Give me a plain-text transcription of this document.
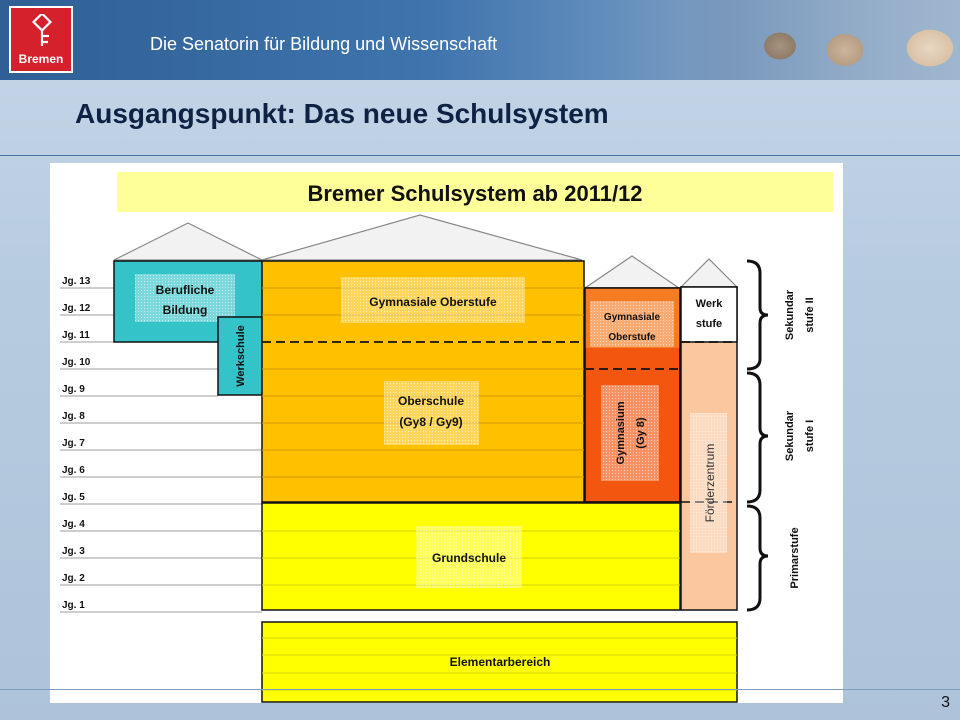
Bremen
Die Senatorin für Bildung und Wissenschaft
Ausgangspunkt: Das neue Schulsystem
Bremer Schulsystem ab 2011/12
Jg. 13
Jg. 12
Jg. 11
Jg. 10
Jg. 9
Jg. 8
Jg. 7
Jg. 6
Jg. 5
Jg. 4
Jg. 3
Jg. 2
Jg. 1
Berufliche
Bildung
Werkschule
Gymnasiale Oberstufe
Oberschule
(Gy8 / Gy9)
Gymnasiale
Oberstufe
Gymnasium (Gy 8)
Werk
stufe
Förderzentrum
Grundschule
Elementarbereich
Sekundar stufe II
Sekundar stufe I
Primarstufe
3
